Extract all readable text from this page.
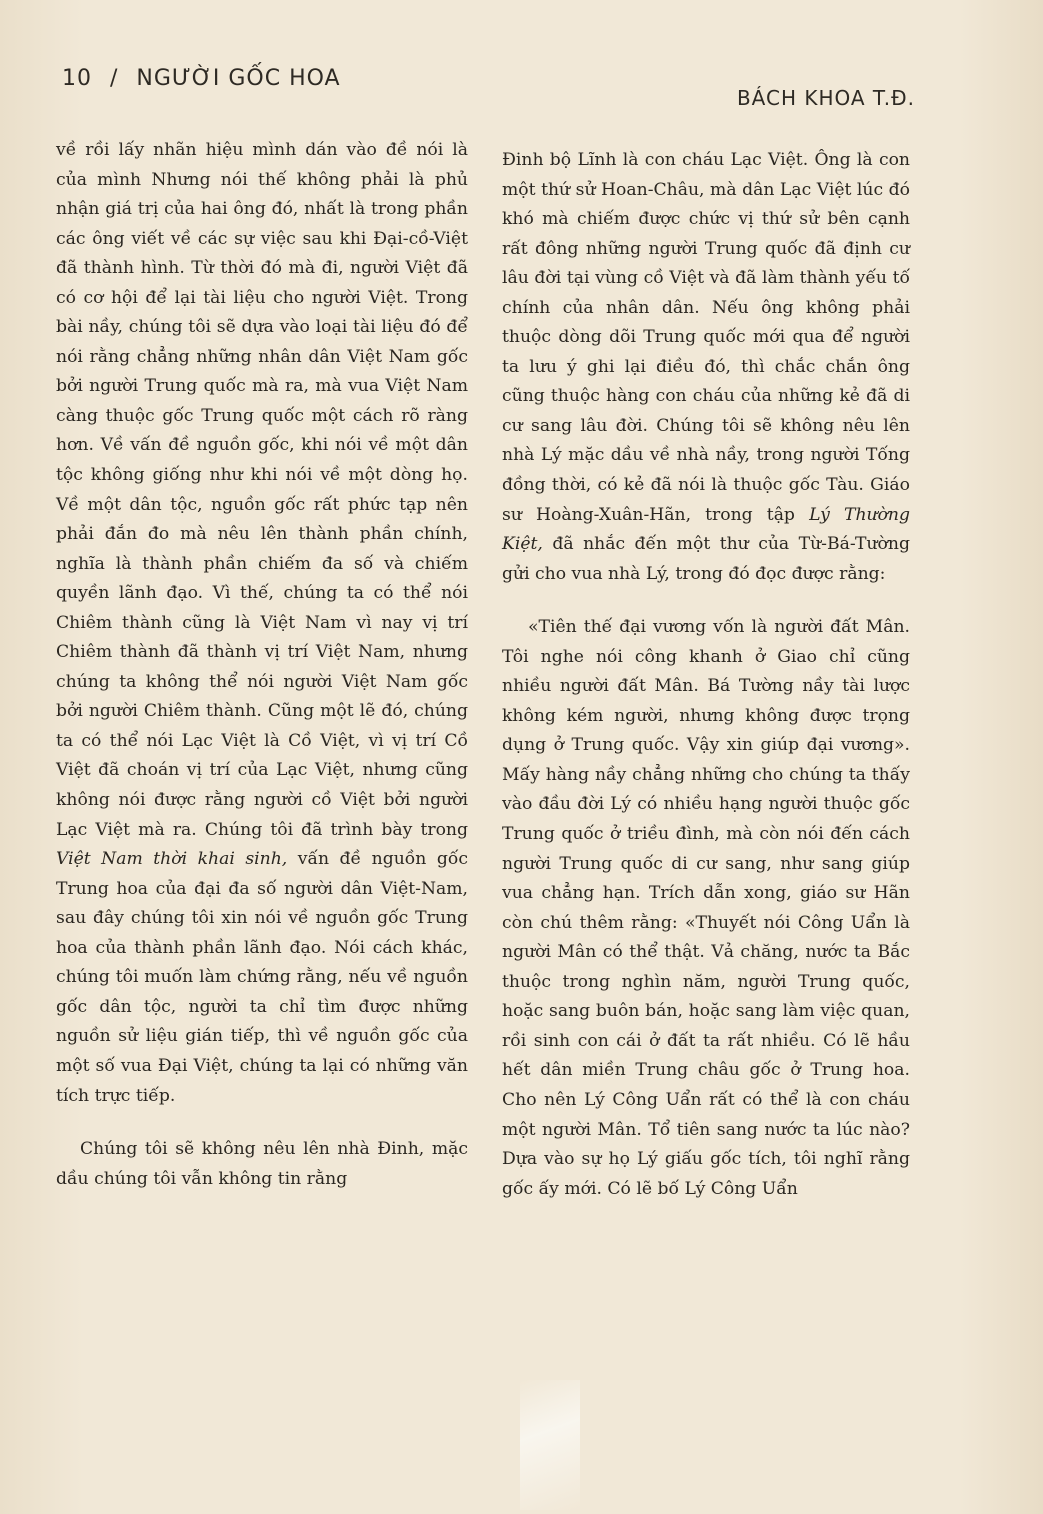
10 / NGƯỜI GỐC HOA
BÁCH KHOA T.Đ.

về rồi lấy nhãn hiệu mình dán vào đề nói là của mình Nhưng nói thế không phải là phủ nhận giá trị của hai ông đó, nhất là trong phần các ông viết về các sự việc sau khi Đại-cồ-Việt đã thành hình. Từ thời đó mà đi, người Việt đã có cơ hội để lại tài liệu cho người Việt. Trong bài nầy, chúng tôi sẽ dựa vào loại tài liệu đó để nói rằng chẳng những nhân dân Việt Nam gốc bởi người Trung quốc mà ra, mà vua Việt Nam càng thuộc gốc Trung quốc một cách rõ ràng hơn. Về vấn đề nguồn gốc, khi nói về một dân tộc không giống như khi nói về một dòng họ. Về một dân tộc, nguồn gốc rất phức tạp nên phải đắn đo mà nêu lên thành phần chính, nghĩa là thành phần chiếm đa số và chiếm quyền lãnh đạo. Vì thế, chúng ta có thể nói Chiêm thành cũng là Việt Nam vì nay vị trí Chiêm thành đã thành vị trí Việt Nam, nhưng chúng ta không thể nói người Việt Nam gốc bởi người Chiêm thành. Cũng một lẽ đó, chúng ta có thể nói Lạc Việt là Cồ Việt, vì vị trí Cồ Việt đã choán vị trí của Lạc Việt, nhưng cũng không nói được rằng người cồ Việt bởi người Lạc Việt mà ra. Chúng tôi đã trình bày trong Việt Nam thời khai sinh, vấn đề nguồn gốc Trung hoa của đại đa số người dân Việt-Nam, sau đây chúng tôi xin nói về nguồn gốc Trung hoa của thành phần lãnh đạo. Nói cách khác, chúng tôi muốn làm chứng rằng, nếu về nguồn gốc dân tộc, người ta chỉ tìm được những nguồn sử liệu gián tiếp, thì về nguồn gốc của một số vua Đại Việt, chúng ta lại có những văn tích trực tiếp.

Chúng tôi sẽ không nêu lên nhà Đinh, mặc dầu chúng tôi vẫn không tin rằng

Đinh bộ Lĩnh là con cháu Lạc Việt. Ông là con một thứ sử Hoan-Châu, mà dân Lạc Việt lúc đó khó mà chiếm được chức vị thứ sử bên cạnh rất đông những người Trung quốc đã định cư lâu đời tại vùng cồ Việt và đã làm thành yếu tố chính của nhân dân. Nếu ông không phải thuộc dòng dõi Trung quốc mới qua để người ta lưu ý ghi lại điều đó, thì chắc chắn ông cũng thuộc hàng con cháu của những kẻ đã di cư sang lâu đời. Chúng tôi sẽ không nêu lên nhà Lý mặc dầu về nhà nầy, trong người Tống đồng thời, có kẻ đã nói là thuộc gốc Tàu. Giáo sư Hoàng-Xuân-Hãn, trong tập Lý Thường Kiệt, đã nhắc đến một thư của Từ-Bá-Tường gửi cho vua nhà Lý, trong đó đọc được rằng:

«Tiên thế đại vương vốn là người đất Mân. Tôi nghe nói công khanh ở Giao chỉ cũng nhiều người đất Mân. Bá Tường nầy tài lược không kém người, nhưng không được trọng dụng ở Trung quốc. Vậy xin giúp đại vương». Mấy hàng nầy chẳng những cho chúng ta thấy vào đầu đời Lý có nhiều hạng người thuộc gốc Trung quốc ở triều đình, mà còn nói đến cách người Trung quốc di cư sang, như sang giúp vua chẳng hạn. Trích dẫn xong, giáo sư Hãn còn chú thêm rằng: «Thuyết nói Công Uẩn là người Mân có thể thật. Vả chăng, nước ta Bắc thuộc trong nghìn năm, người Trung quốc, hoặc sang buôn bán, hoặc sang làm việc quan, rồi sinh con cái ở đất ta rất nhiều. Có lẽ hầu hết dân miền Trung châu gốc ở Trung hoa. Cho nên Lý Công Uẩn rất có thể là con cháu một người Mân. Tổ tiên sang nước ta lúc nào? Dựa vào sự họ Lý giấu gốc tích, tôi nghĩ rằng gốc ấy mới. Có lẽ bố Lý Công Uẩn
